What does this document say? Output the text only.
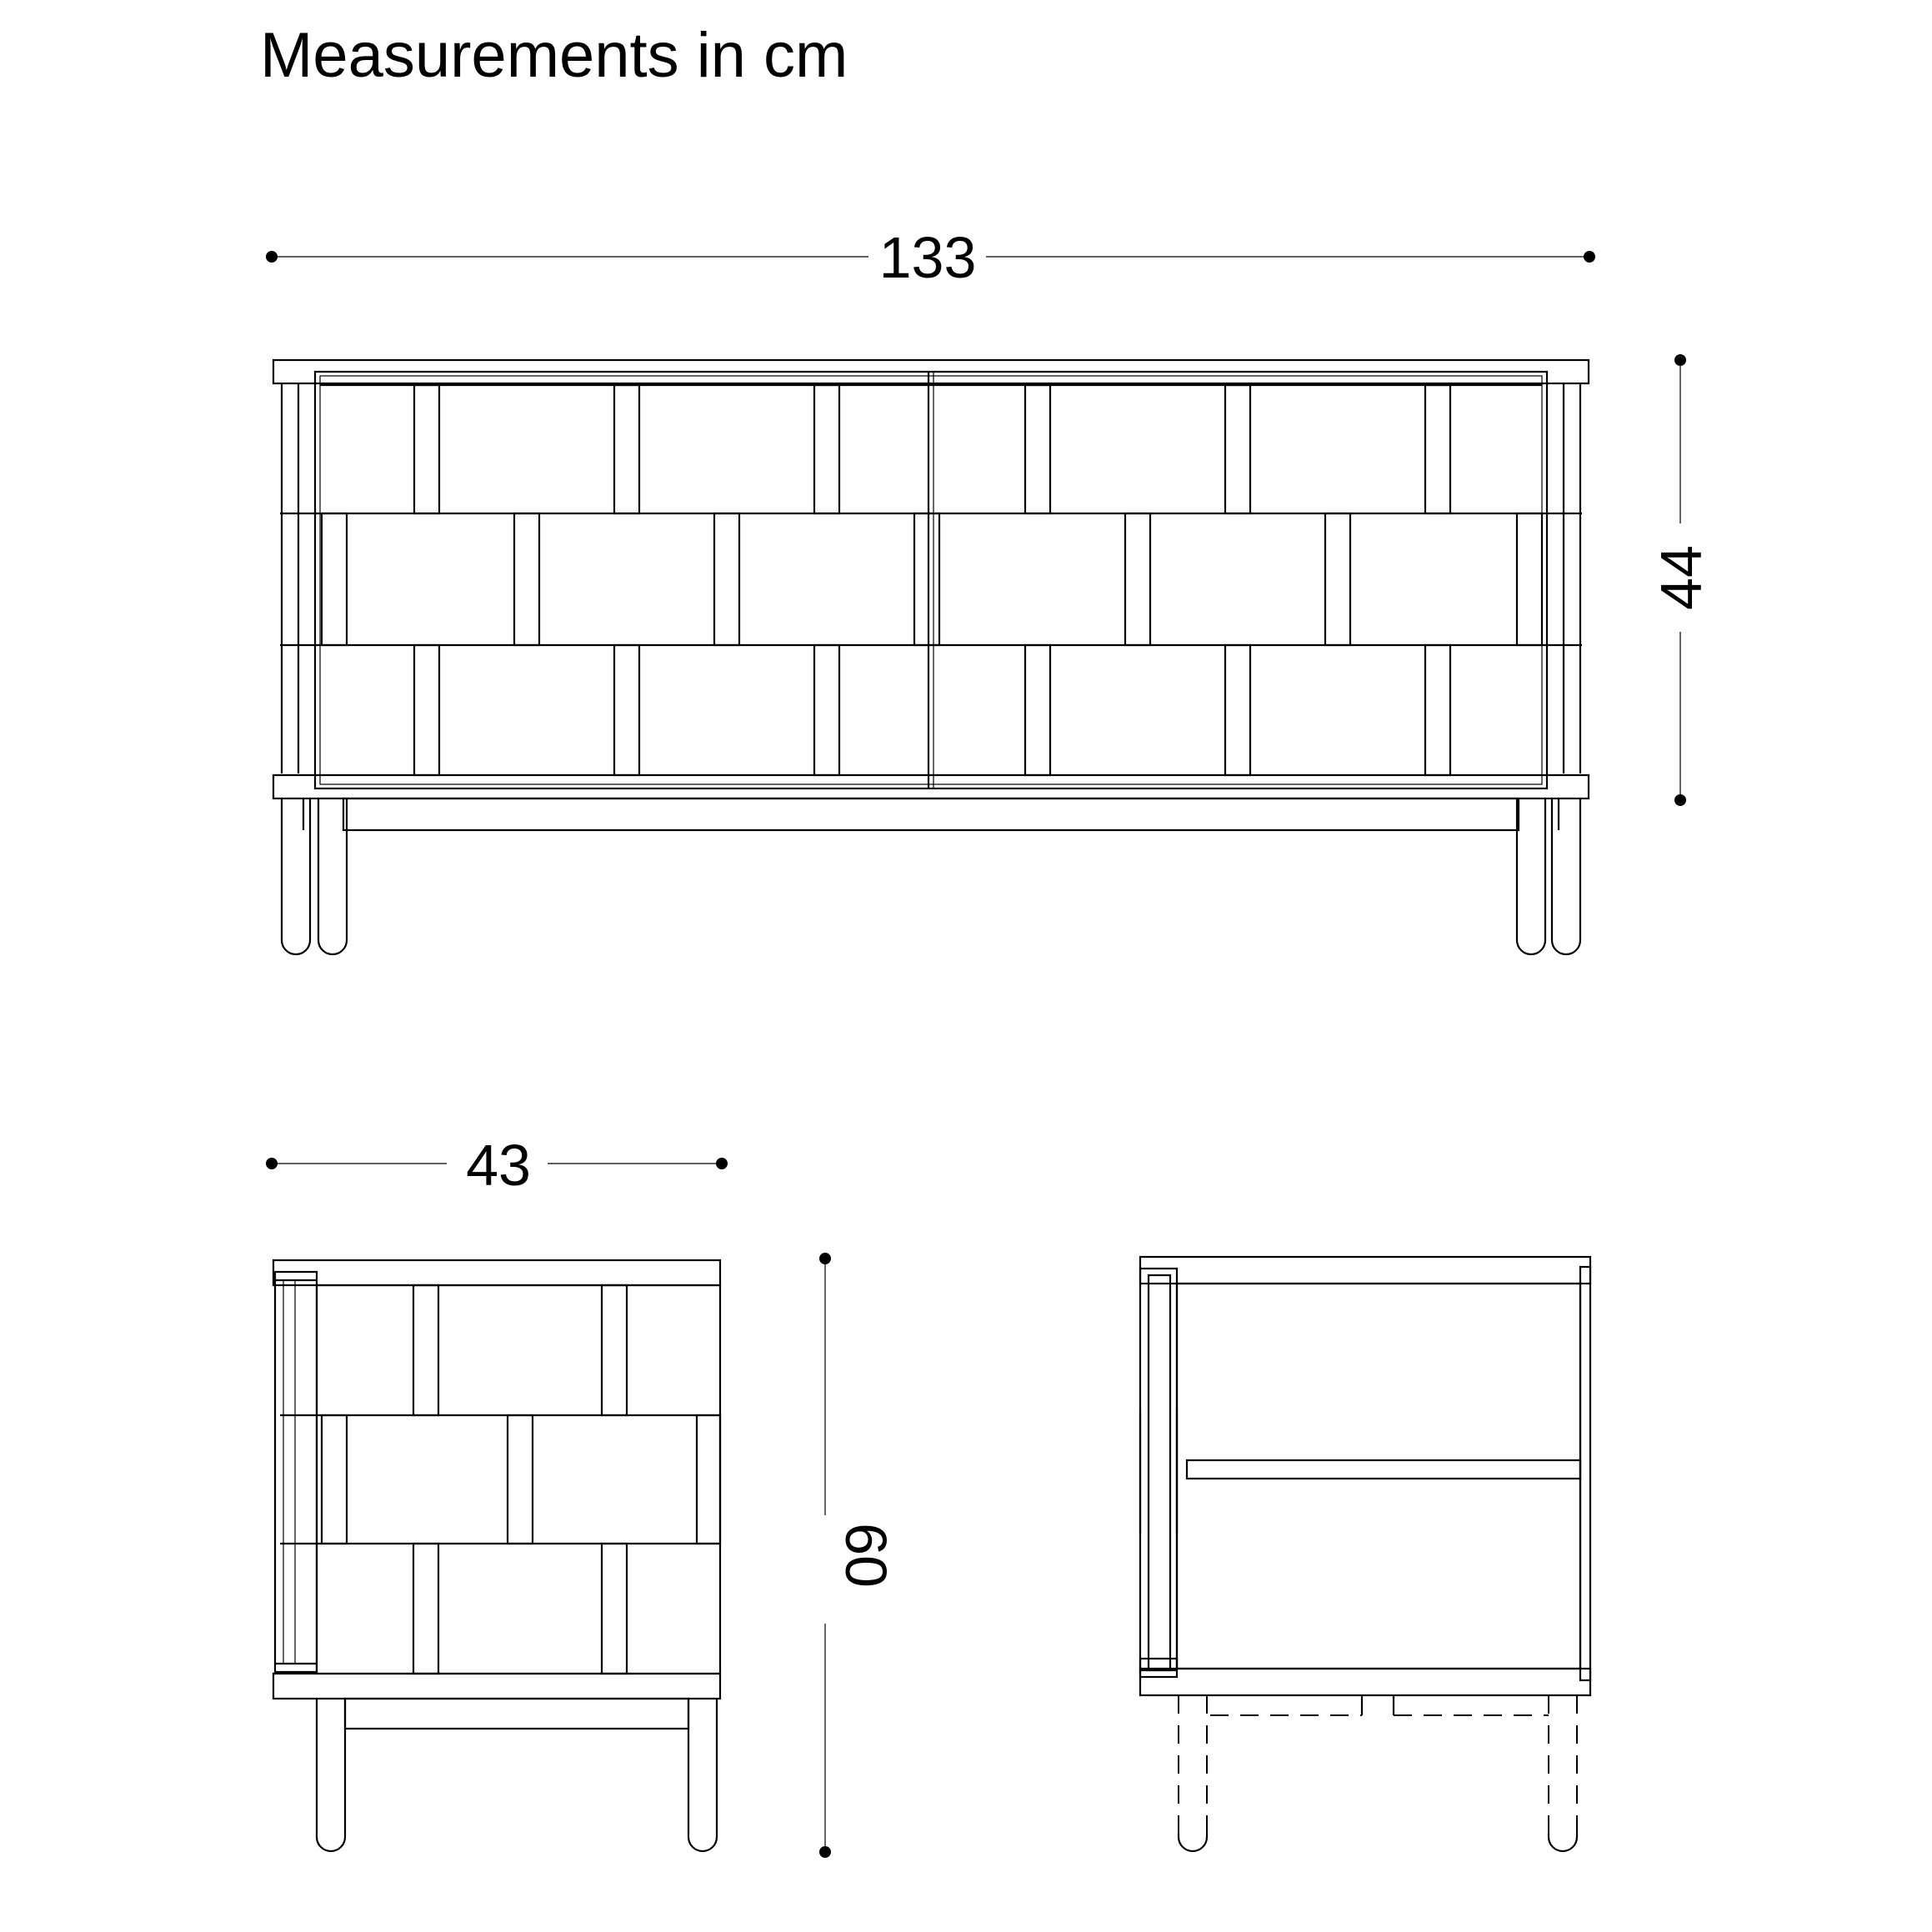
Measurements in cm
133
44
43
60
